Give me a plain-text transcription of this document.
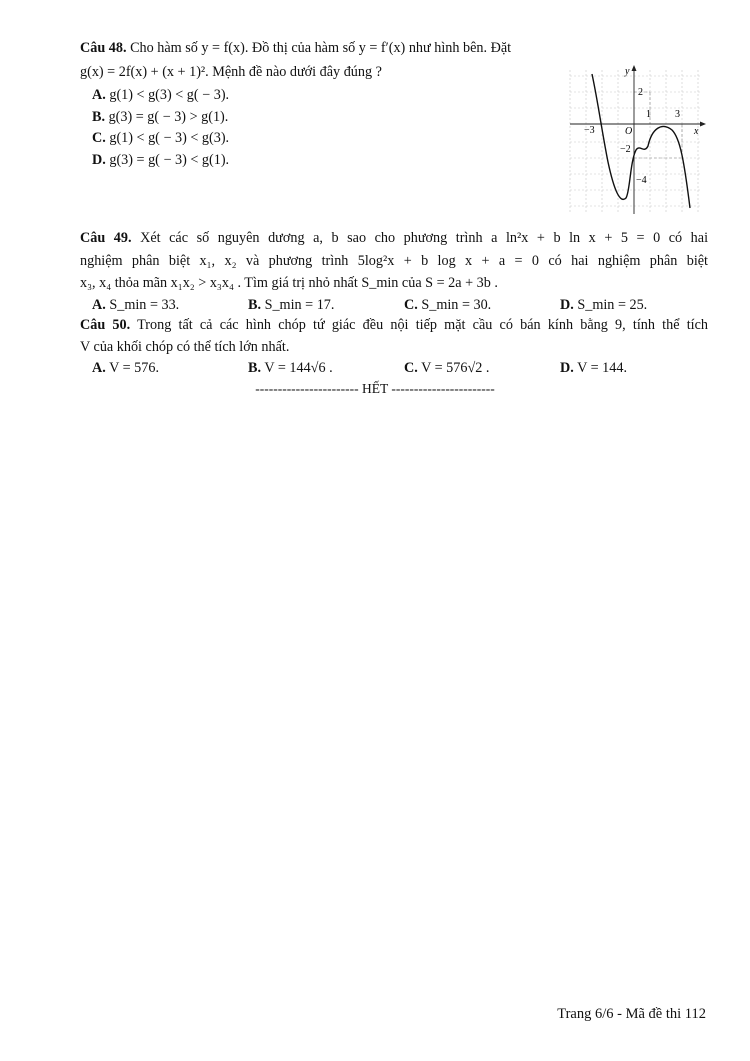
Câu 48. Cho hàm số y = f(x). Đồ thị của hàm số y = f′(x) như hình bên. Đặt
g(x) = 2f(x) + (x + 1)². Mệnh đề nào dưới đây đúng ?
A. g(1) < g(3) < g( − 3).
B. g(3) = g( − 3) > g(1).
C. g(1) < g( − 3) < g(3).
D. g(3) = g( − 3) < g(1).
y
x
O
2
1 3
−3
−2
−4
Câu 49. Xét các số nguyên dương a, b sao cho phương trình a ln²x + b ln x + 5 = 0 có hai
nghiệm phân biệt x₁, x₂ và phương trình 5log²x + b log x + a = 0 có hai nghiệm phân biệt
x₃, x₄ thỏa mãn x₁x₂ > x₃x₄ . Tìm giá trị nhỏ nhất S_min của S = 2a + 3b .
A. S_min = 33.	B. S_min = 17.	C. S_min = 30.	D. S_min = 25.
Câu 50. Trong tất cả các hình chóp tứ giác đều nội tiếp mặt cầu có bán kính bằng 9, tính thể tích
V của khối chóp có thể tích lớn nhất.
A. V = 576.	B. V = 144√6 .	C. V = 576√2 .	D. V = 144.
----------------------- HẾT -----------------------
Trang 6/6 - Mã đề thi 112
